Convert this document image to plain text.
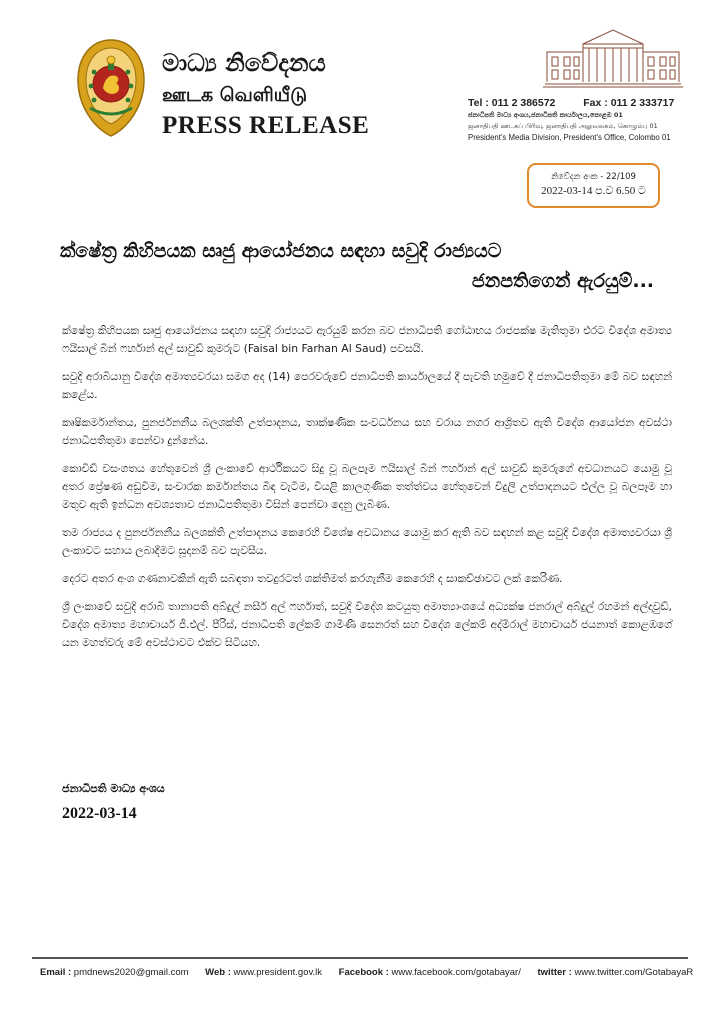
මාධ්‍ය නිවේදනය
ஊடக வெளியீடு
PRESS RELEASE
Tel : 011 2 386572	Fax : 011 2 333717
ජනාධිපති මාධ්‍ය අංශය,ජනාධිපති කාර්යාලය,කොළඹ 01
ஜனாதிபதி ஊடகப் பிரிவு, ஜனாதிபதி அலுவலகம், கொழும்பு 01
President's Media Division, President's Office, Colombo 01
නිවේදන අංක - 22/109
2022-03-14 ප.ව 6.50 ට
ක්ෂේත්‍ර කිහිපයක සෘජු ආයෝජනය සඳහා සවුදි රාජ්‍යයට
ජනපතිගෙන් ඇරයුම්...

ක්ෂේත්‍ර කිහිපයක සෘජු ආයෝජනය සඳහා සවුදි රාජ්‍යයට ඇරයුම් කරන බව ජනාධිපති ගෝඨාභය රාජපක්ෂ මැතිතුමා එරට විදේශ අමාත්‍ය ෆයිසාල් බින් ෆර්හාන් අල් සාවුඩ් කුමරුට (Faisal bin Farhan Al Saud) පවසයි.

සවුදි අරාබියානු විදේශ අමාත්‍යවරයා සමග අද (14) පෙරවරුවේ ජනාධිපති කාර්යාලයේ දී පැවති හමුවේ දී ජනාධිපතිතුමා මේ බව සඳහන් කළේය.

කෘෂිකර්මාන්තය, පුනර්ජනනීය බලශක්ති උත්පාදනය, තාක්ෂණික සංවර්ධනය සහ වරාය නගර ආශ්‍රිතව ඇති විදේශ ආයෝජන අවස්ථා ජනාධිපතිතුමා පෙන්වා දුන්නේය.

කොවිඩ් වසංගතය හේතුවෙන් ශ්‍රී ලංකාවේ ආර්ථිකයට සිදු වූ බලපෑම ෆයිසාල් බින් ෆර්හාන් අල් සාවුඩ් කුමරුගේ අවධානයට යොමු වූ අතර ප්‍රේෂණ අඩුවීම, සංචාරක කර්මාන්තය බිඳ වැටීම, වියළි කාලගුණික තත්ත්වය හේතුවෙන් විදුලි උත්පාදනයට එල්ල වූ බලපෑම හා මතුව ඇති ඉන්ධන අවශ්‍යතාව ජනාධිපතිතුමා විසින් පෙන්වා දෙනු ලැබිණ.

තම රාජ්‍යය ද පුනර්ජනනීය බලශක්ති උත්පාදනය කෙරෙහි විශේෂ අවධානය යොමු කර ඇති බව සඳහන් කළ සවුදි විදේශ අමාත්‍යවරයා ශ්‍රී ලංකාවට සහාය ලබාදීමට සූදානම් බව පැවසීය.

දෙරට අතර අංශ ගණනාවකින් ඇති සබඳතා තවදුරටත් ශක්තිමත් කරගැනීම කෙරෙහි ද සාකච්ඡාවට ලක් කෙරිණ.

ශ්‍රී ලංකාවේ සවුදි අරාබි තානාපති අබ්දුල් නසීර් අල් ෆර්හාත්, සවුදි විදේශ කටයුතු අමාත්‍යාංශයේ අධ්‍යක්ෂ ජනරාල් අබ්දුල් රහමන් අල්දාවුඩ්, විදේශ අමාත්‍ය මහාචාර්ය ජී.එල්. පීරිස්, ජනාධිපති ලේකම් ගාමිණී සෙනරත් සහ විදේශ ලේකම් අද්මිරාල් මහාචාර්ය ජයනාත් කොළඹගේ යන මහත්වරු මේ අවස්ථාවට එක්ව සිටියහ.

ජනාධිපති මාධ්‍ය අංශය
2022-03-14
Email : pmdnews2020@gmail.com Web : www.president.gov.lk Facebook : www.facebook.com/gotabayar/ twitter : www.twitter.com/GotabayaR
